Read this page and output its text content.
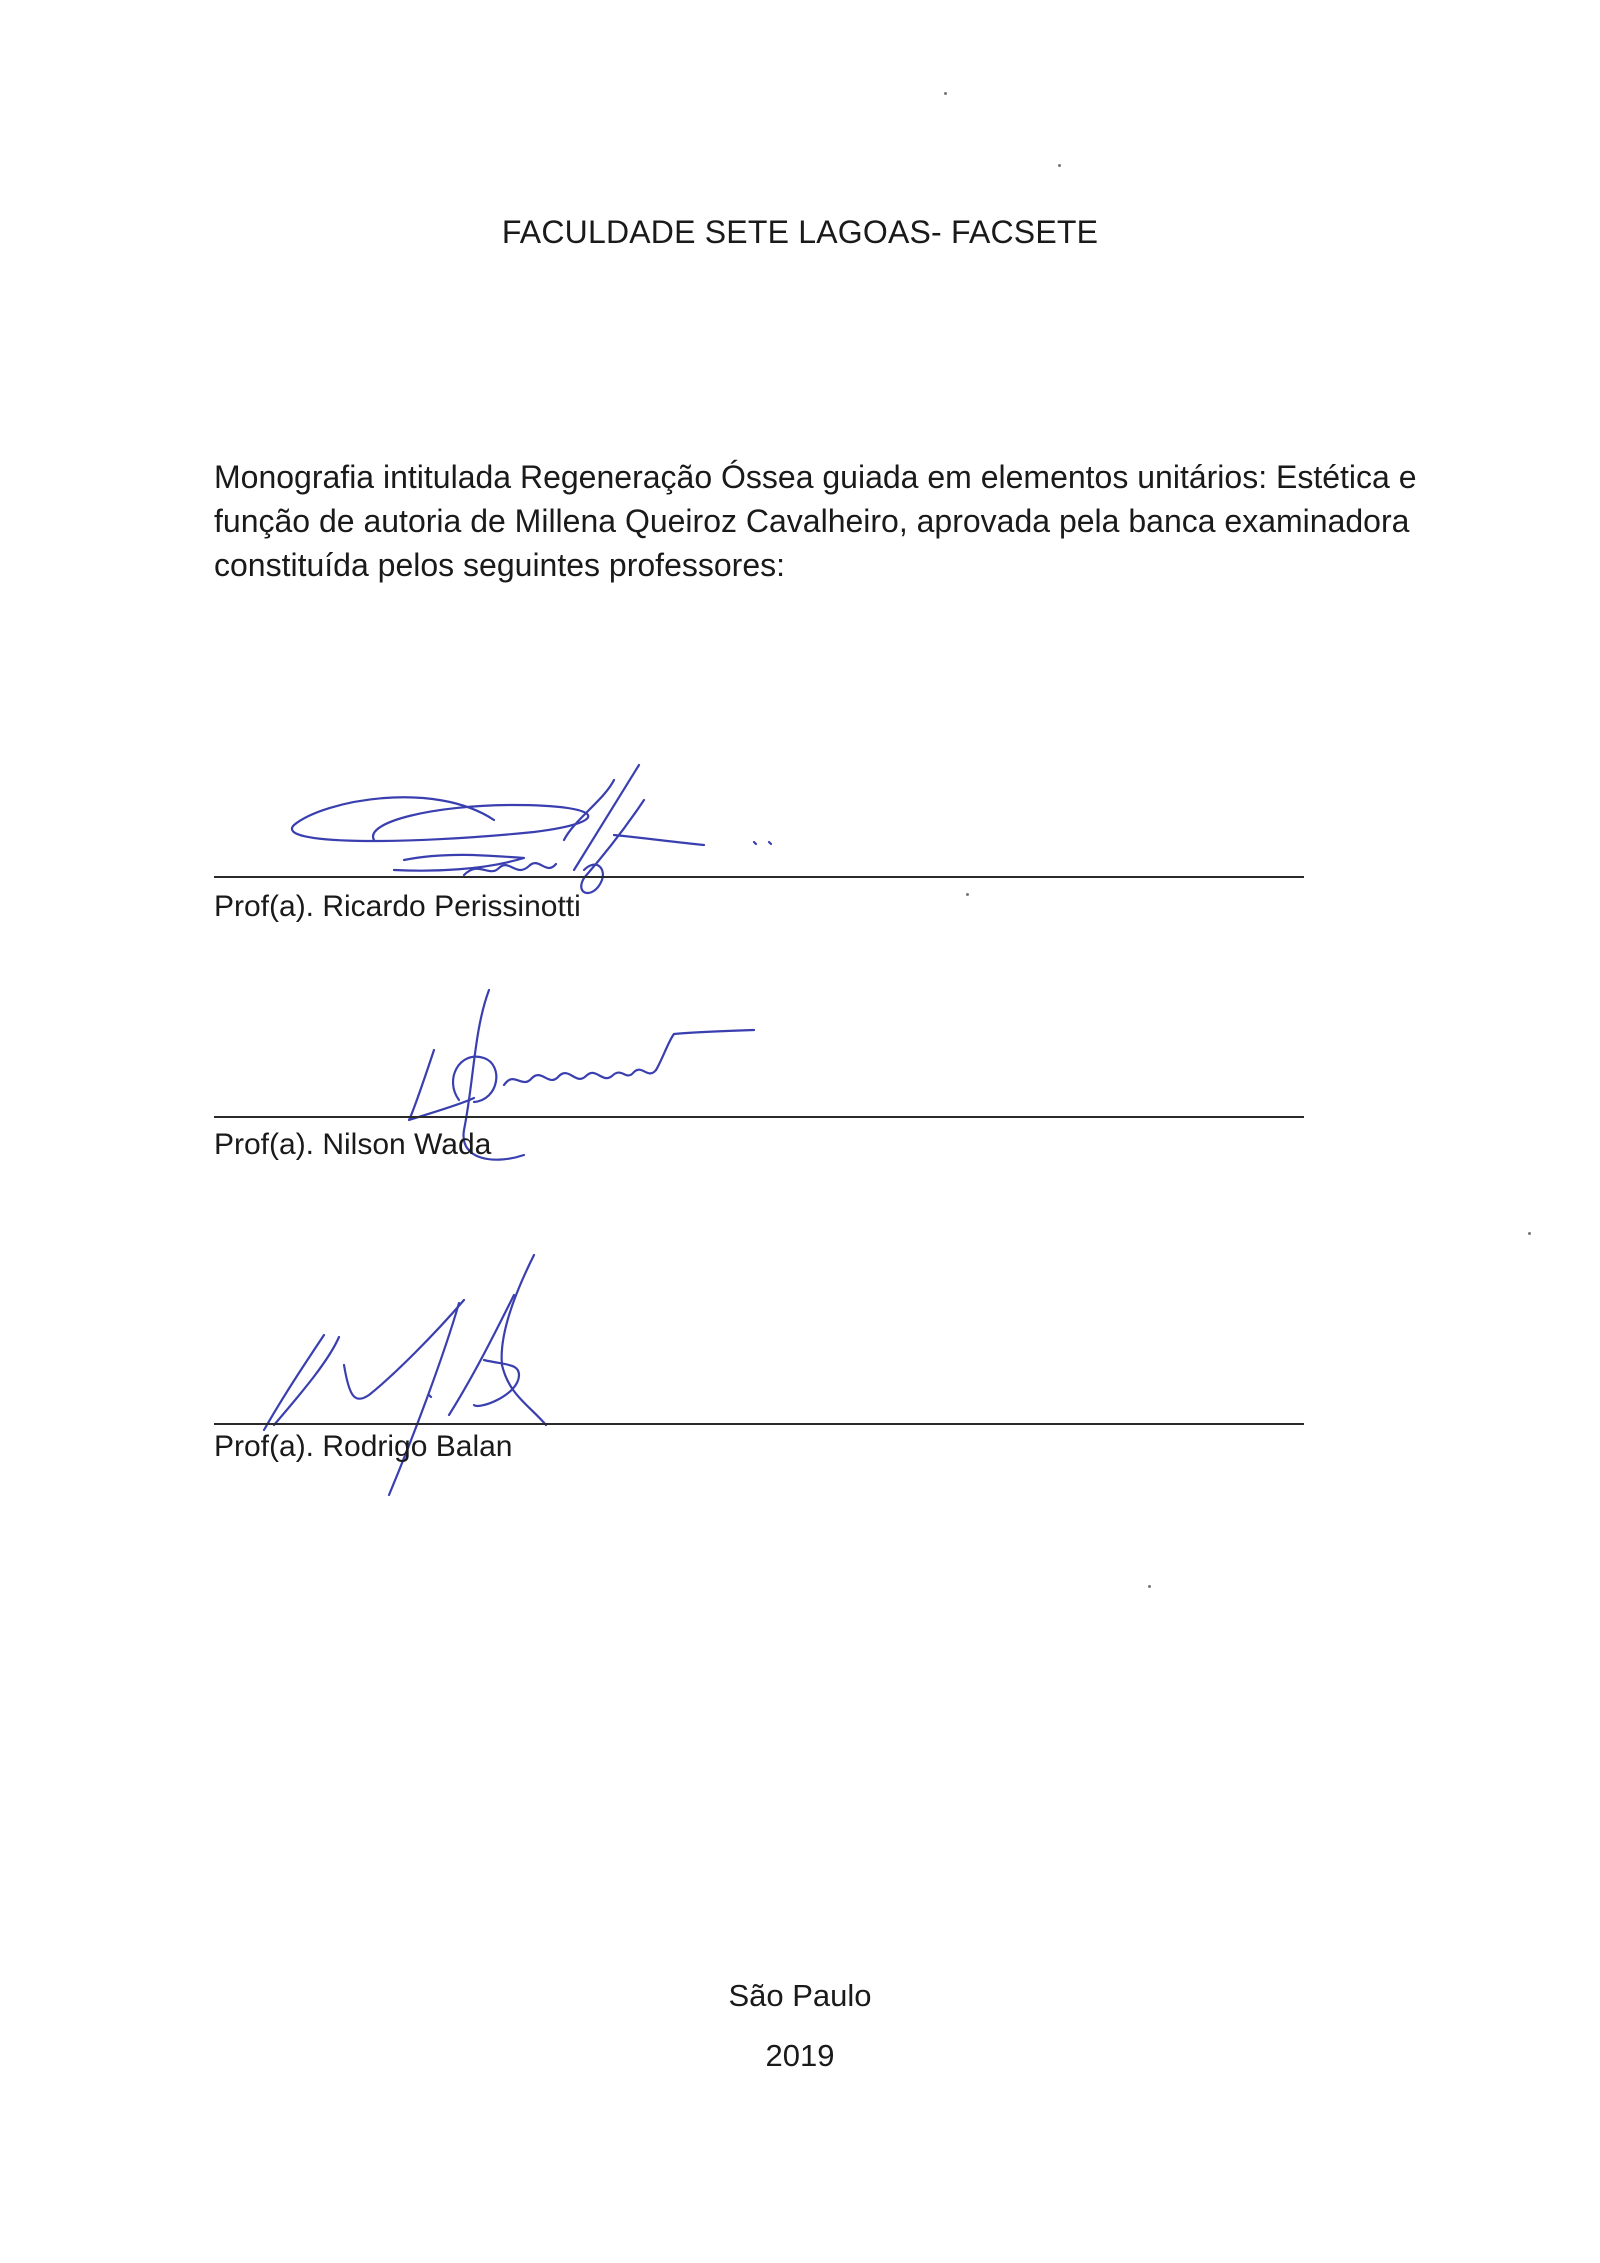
FACULDADE SETE LAGOAS- FACSETE
Monografia intitulada Regeneração Óssea guiada em elementos unitários: Estética e função de autoria de Millena Queiroz Cavalheiro, aprovada pela banca examinadora constituída pelos seguintes professores:
Prof(a). Ricardo Perissinotti
Prof(a). Nilson Wada
Prof(a). Rodrigo Balan
São Paulo
2019
